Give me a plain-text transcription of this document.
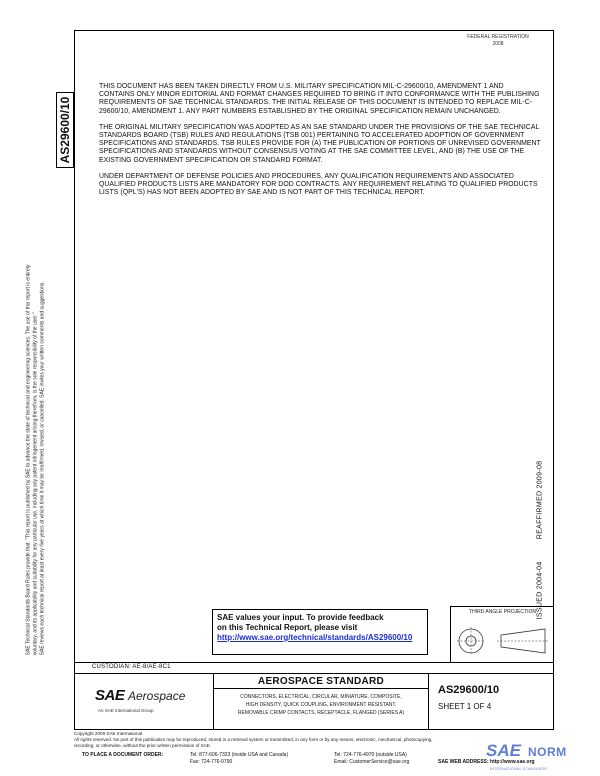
FEDERAL REGISTRATION
2008
AS29600/10
SAE Technical Standards Board Rules provide that: "This report is published by SAE to advance the state of technical and engineering sciences. The use of this report is entirely voluntary, and its applicability and suitability for any particular use, including any patent infringement arising therefrom, is the sole responsibility of the user." SAE reviews each technical report at least every five years at which time it may be reaffirmed, revised, or cancelled. SAE invites your written comments and suggestions.

THIS DOCUMENT HAS BEEN TAKEN DIRECTLY FROM U.S. MILITARY SPECIFICATION MIL-C-29600/10, AMENDMENT 1 AND CONTAINS ONLY MINOR EDITORIAL AND FORMAT CHANGES REQUIRED TO BRING IT INTO CONFORMANCE WITH THE PUBLISHING REQUIREMENTS OF SAE TECHNICAL STANDARDS. THE INITIAL RELEASE OF THIS DOCUMENT IS INTENDED TO REPLACE MIL-C-29600/10, AMENDMENT 1. ANY PART NUMBERS ESTABLISHED BY THE ORIGINAL SPECIFICATION REMAIN UNCHANGED.

THE ORIGINAL MILITARY SPECIFICATION WAS ADOPTED AS AN SAE STANDARD UNDER THE PROVISIONS OF THE SAE TECHNICAL STANDARDS BOARD (TSB) RULES AND REGULATIONS (TSB 001) PERTAINING TO ACCELERATED ADOPTION OF GOVERNMENT SPECIFICATIONS AND STANDARDS. TSB RULES PROVIDE FOR (A) THE PUBLICATION OF PORTIONS OF UNREVISED GOVERNMENT SPECIFICATIONS AND STANDARDS WITHOUT CONSENSUS VOTING AT THE SAE COMMITTEE LEVEL, AND (B) THE USE OF THE EXISTING GOVERNMENT SPECIFICATION OR STANDARD FORMAT.

UNDER DEPARTMENT OF DEFENSE POLICIES AND PROCEDURES, ANY QUALIFICATION REQUIREMENTS AND ASSOCIATED QUALIFIED PRODUCTS LISTS ARE MANDATORY FOR DOD CONTRACTS. ANY REQUIREMENT RELATING TO QUALIFIED PRODUCTS LISTS (QPL'S) HAS NOT BEEN ADOPTED BY SAE AND IS NOT PART OF THIS TECHNICAL REPORT.

ISSUED 2004-04 REAFFIRMED 2009-08
SAE values your input. To provide feedback
on this Technical Report, please visit
http://www.sae.org/technical/standards/AS29600/10
THIRD ANGLE PROJECTION
CUSTODIAN: AE-8/AE-8C1
SAE Aerospace
An SAE International Group
AEROSPACE STANDARD
CONNECTORS, ELECTRICAL, CIRCULAR, MINIATURE, COMPOSITE,
HIGH DENSITY, QUICK COUPLING, ENVIRONMENT RESISTANT,
REMOVABLE CRIMP CONTACTS, RECEPTACLE, FLANGED (SERIES A)
AS29600/10
SHEET 1 OF 4
Copyright 2009 SAE International
All rights reserved. No part of this publication may be reproduced, stored in a retrieval system or transmitted, in any form or by any means, electronic, mechanical, photocopying,
recording, or otherwise, without the prior written permission of SAE.
TO PLACE A DOCUMENT ORDER:	Tel: 877-606-7323 (inside USA and Canada)
Fax: 724-776-0790
Tel: 724-776-4970 (outside USA)
Email: CustomerService@sae.org	SAE WEB ADDRESS: http://www.sae.org
SAE NORM
INTERNATIONAL STANDARDS
